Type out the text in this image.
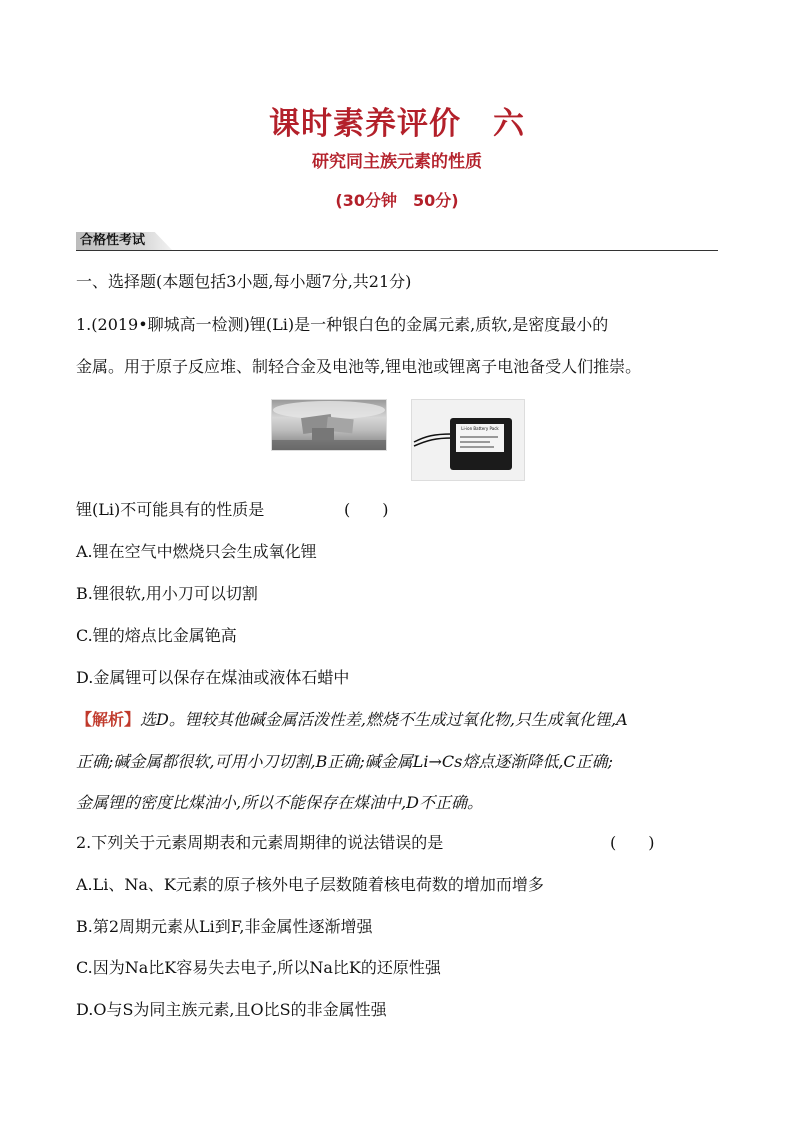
课时素养评价　六
研究同主族元素的性质
(30分钟　50分)
合格性考试
一、选择题(本题包括3小题,每小题7分,共21分)
1.(2019•聊城高一检测)锂(Li)是一种银白色的金属元素,质软,是密度最小的
金属。用于原子反应堆、制轻合金及电池等,锂电池或锂离子电池备受人们推崇。
Li-ion Battery Pack
锂(Li)不可能具有的性质是	(　　)
A.锂在空气中燃烧只会生成氧化锂
B.锂很软,用小刀可以切割
C.锂的熔点比金属铯高
D.金属锂可以保存在煤油或液体石蜡中
【解析】选D。锂较其他碱金属活泼性差,燃烧不生成过氧化物,只生成氧化锂,A
正确;碱金属都很软,可用小刀切割,B正确;碱金属Li→Cs熔点逐渐降低,C正确;
金属锂的密度比煤油小,所以不能保存在煤油中,D不正确。
2.下列关于元素周期表和元素周期律的说法错误的是	(　　)
A.Li、Na、K元素的原子核外电子层数随着核电荷数的增加而增多
B.第2周期元素从Li到F,非金属性逐渐增强
C.因为Na比K容易失去电子,所以Na比K的还原性强
D.O与S为同主族元素,且O比S的非金属性强
